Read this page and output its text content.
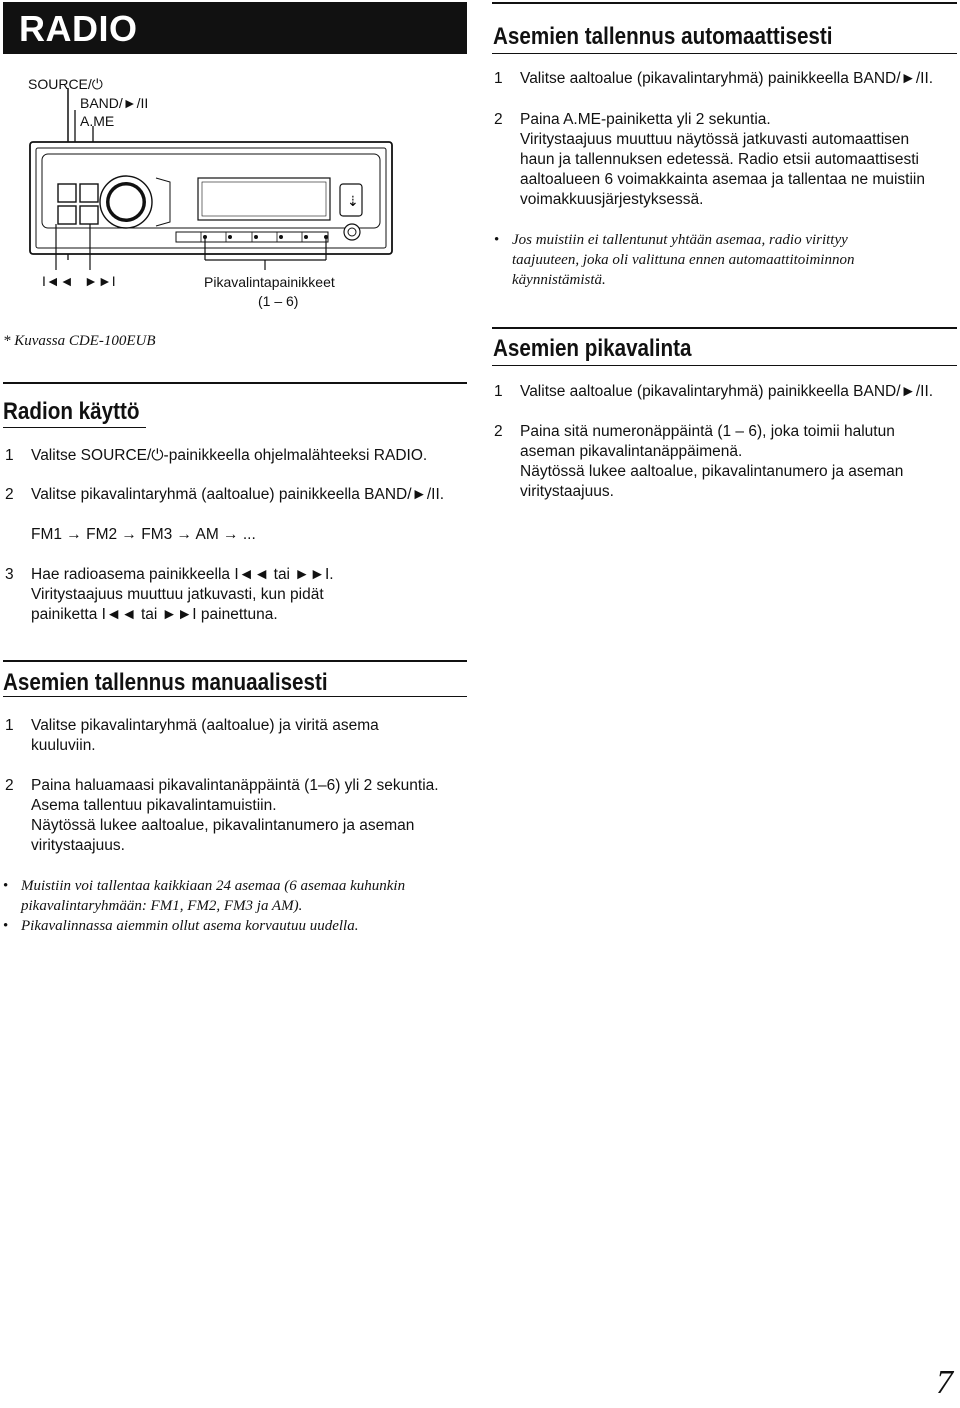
RADIO
SOURCE/⏻
BAND/►/II
A.ME
⇣
I◄◄ ►►I	Pikavalintapainikkeet
(1 – 6)
* Kuvassa CDE-100EUB
Radion käyttö
1 Valitse SOURCE/⏻-painikkeella ohjelmalähteeksi RADIO.
2 Valitse pikavalintaryhmä (aaltoalue) painikkeella BAND/►/II.
FM1 → FM2 → FM3 → AM → ...
3 Hae radioasema painikkeella I◄◄ tai ►►I.
Viritystaajuus muuttuu jatkuvasti, kun pidät
painiketta I◄◄ tai ►►I painettuna.
Asemien tallennus manuaalisesti
1 Valitse pikavalintaryhmä (aaltoalue) ja viritä asema
kuuluviin.
2 Paina haluamaasi pikavalintanäppäintä (1–6) yli 2 sekuntia.
Asema tallentuu pikavalintamuistiin.
Näytössä lukee aaltoalue, pikavalintanumero ja aseman
viritystaajuus.
• Muistiin voi tallentaa kaikkiaan 24 asemaa (6 asemaa kuhunkin
pikavalintaryhmään: FM1, FM2, FM3 ja AM).
• Pikavalinnassa aiemmin ollut asema korvautuu uudella.
Asemien tallennus automaattisesti
1 Valitse aaltoalue (pikavalintaryhmä) painikkeella BAND/►/II.
2 Paina A.ME-painiketta yli 2 sekuntia.
Viritystaajuus muuttuu näytössä jatkuvasti automaattisen
haun ja tallennuksen edetessä. Radio etsii automaattisesti
aaltoalueen 6 voimakkainta asemaa ja tallentaa ne muistiin
voimakkuusjärjestyksessä.
• Jos muistiin ei tallentunut yhtään asemaa, radio virittyy
taajuuteen, joka oli valittuna ennen automaattitoiminnon
käynnistämistä.
Asemien pikavalinta
1 Valitse aaltoalue (pikavalintaryhmä) painikkeella BAND/►/II.
2 Paina sitä numeronäppäintä (1 – 6), joka toimii halutun
aseman pikavalintanäppäimenä.
Näytössä lukee aaltoalue, pikavalintanumero ja aseman
viritystaajuus.
7
